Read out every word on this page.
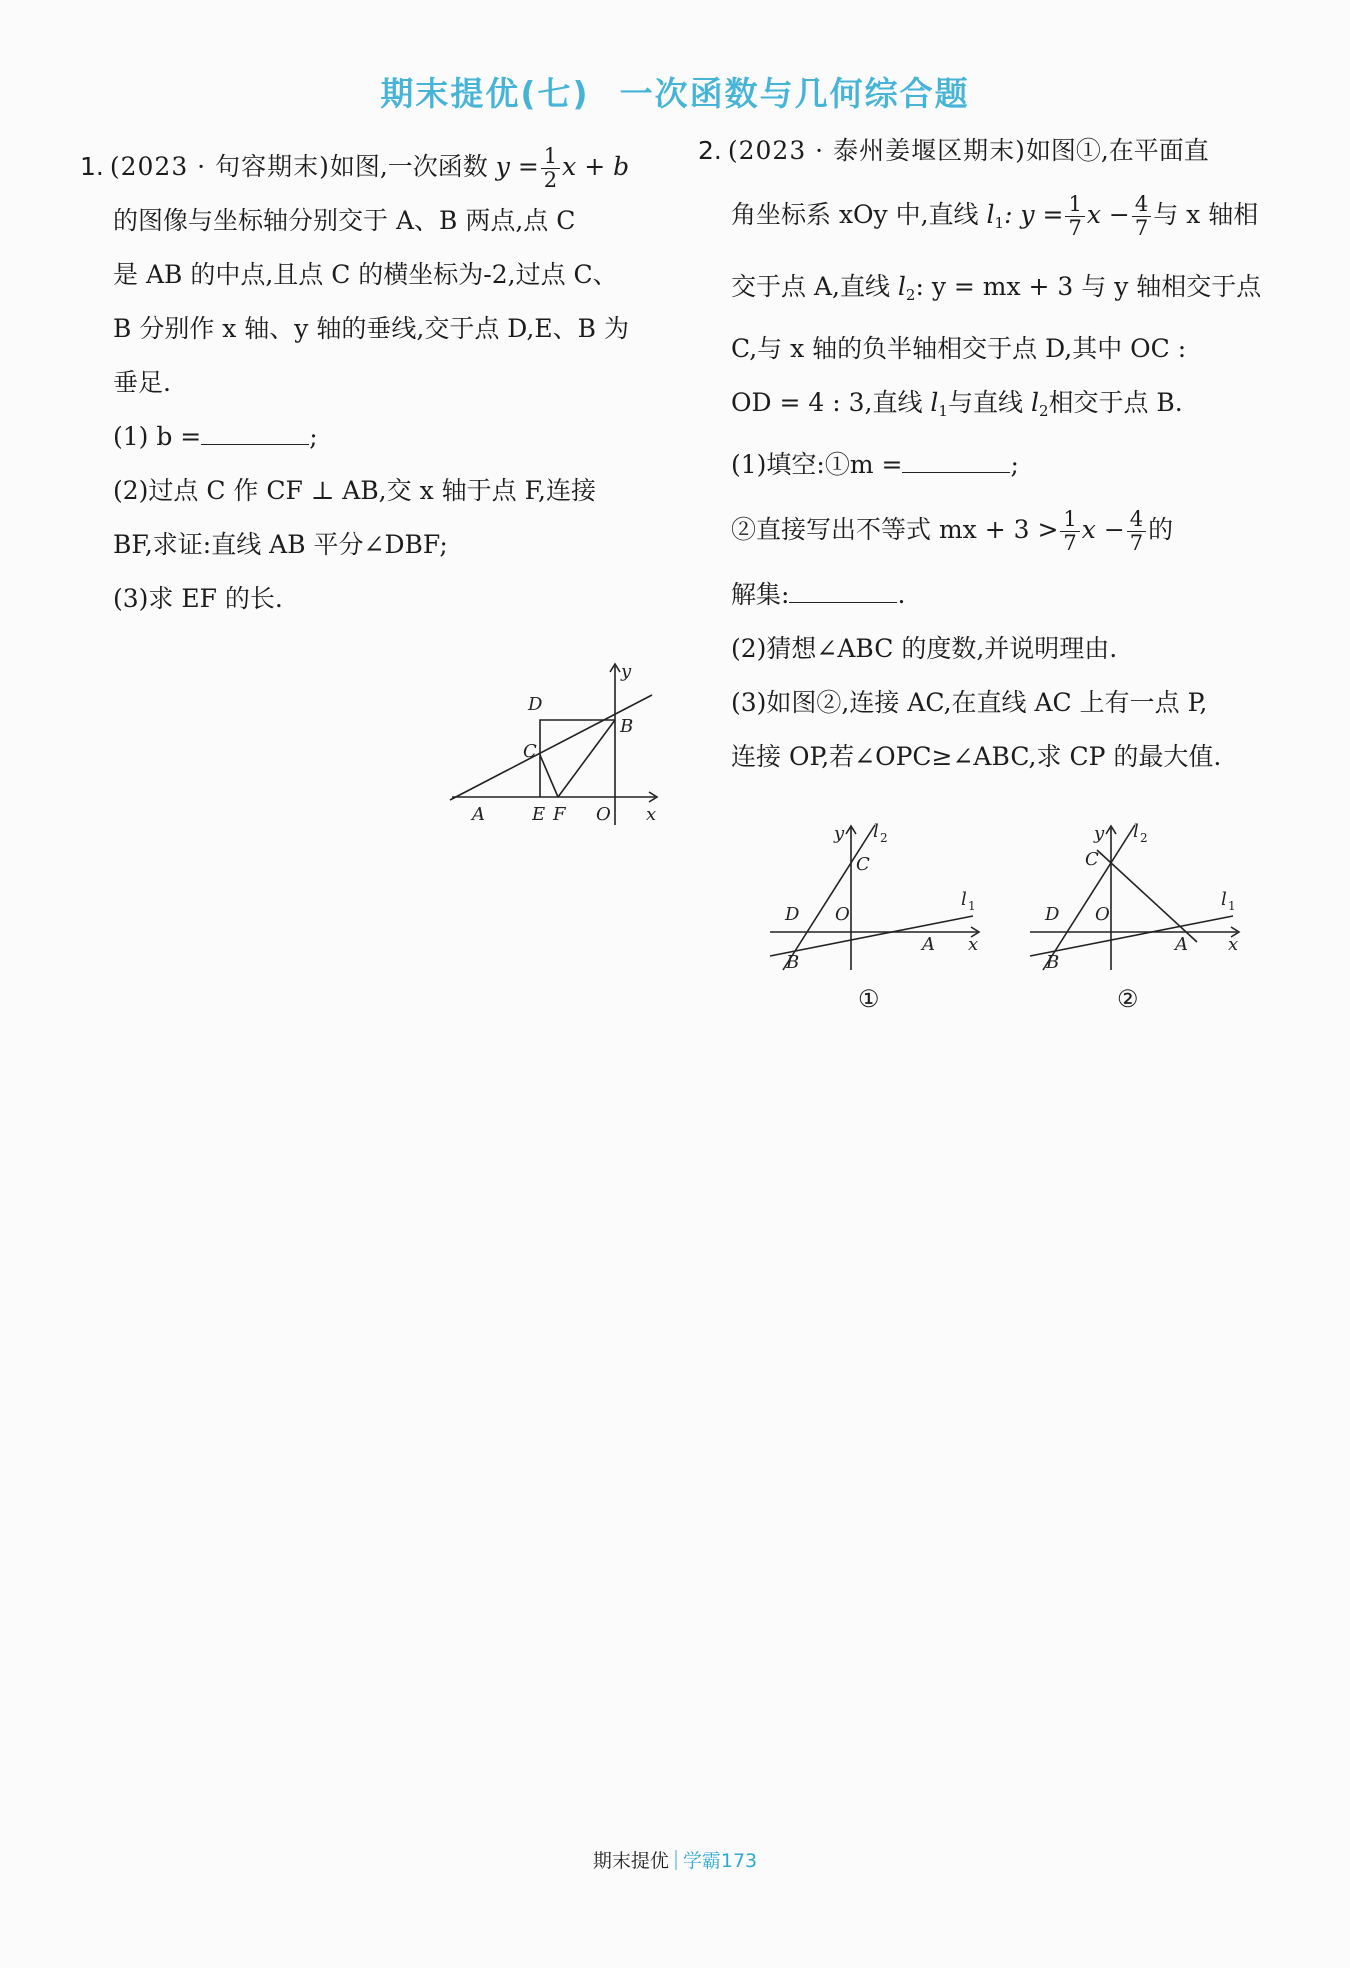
期末提优(七) 一次函数与几何综合题

1. (2023 · 句容期末)如图,一次函数 $y = \frac{1}{2}$ x + b

的图像与坐标轴分别交于 A、B 两点,点 C

是 AB 的中点,且点 C 的横坐标为-2,过点 C、

B 分别作 x 轴、y 轴的垂线,交于点 D,E、B 为

垂足.

(1) b =	;

(2)过点 C 作 CF ⊥ AB,交 x 轴于点 F,连接

BF,求证:直线 AB 平分∠DBF;

(3)求 EF 的长.

y
x
D
C
B
A	E F O

2. (2023 · 泰州姜堰区期末)如图①,在平面直

角坐标系 xOy 中,直线 $l_1$: $y = \frac{1}{7}$ $x - \frac{4}{7}$ 与 x 轴相

交于点 A,直线 $l_2$: y = mx + 3 与 y 轴相交于点

C,与 x 轴的负半轴相交于点 D,其中 OC :

OD = 4 : 3,直线 $l_1$与直线 $l_2$相交于点 B.

(1)填空:①m =	;

②直接写出不等式 mx + $3 > \frac{1}{7}$ $x - \frac{4}{7}$ 的

解集:	.

(2)猜想∠ABC 的度数,并说明理由.

(3)如图②,连接 AC,在直线 AC 上有一点 P,

连接 OP,若∠OPC≥∠ABC,求 CP 的最大值.

y l 2
C
D O
l 1
A x
B
①
y l 2
C
D O
l 1
A x
B
②
期末提优 学霸173
